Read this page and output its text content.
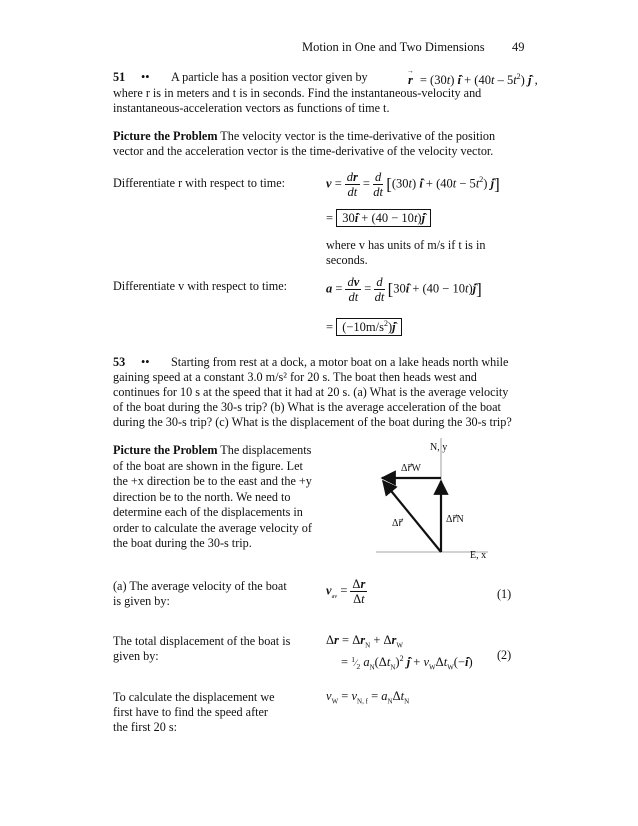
Motion in One and Two Dimensions 49
51 •• A particle has a position vector given by	r→= (30t) î + $(40t - 5t^2)$ ĵ ,
where r is in meters and t is in seconds. Find the instantaneous-velocity and
instantaneous-acceleration vectors as functions of time t.
Picture the Problem The velocity vector is the time-derivative of the position
vector and the acceleration vector is the time-derivative of the velocity vector.
Differentiate r with respect to time:	$v = \frac{dr}{dt} = \frac{d}{dt} [(30t)$ î + $(40t - 5t^2)$ j]
= 30î + (40 − 10t)j
where v has units of m/s if t is in
seconds.
Differentiate v with respect to time:	$a = \frac{dv}{dt} = \frac{d}{dt}$ [30î + (40 − 10t)j]
= $(-10m/s^2)j$
53 •• Starting from rest at a dock, a motor boat on a lake heads north while
gaining speed at a constant 3.0 m/s² for 20 s. The boat then heads west and
continues for 10 s at the speed that it had at 20 s. (a) What is the average velocity
of the boat during the 30-s trip? (b) What is the average acceleration of the boat
during the 30-s trip? (c) What is the displacement of the boat during the 30-s trip?
Picture the Problem The displacements
of the boat are shown in the figure. Let
the +x direction be to the east and the +y
direction be to the north. We need to
determine each of the displacements in
order to calculate the average velocity of
the boat during the 30-s trip.
N, y
E, x
Δr⃗W
Δr⃗N
Δr⃗
(a) The average velocity of the boat
is given by:
$v_{av} = \frac{\Delta r}{\Delta t}$	(1)
The total displacement of the boat is
given by:
$\Delta r = \Delta r_N + \Delta r_W$
= $^1⁄_2$ $a_N(\Delta t_N)^2$ ĵ + $v_W\Delta t_W(-î)$
(2)
To calculate the displacement we
first have to find the speed after
the first 20 s:
$v_W = v_{N, f} = a_N\Delta t_N$
